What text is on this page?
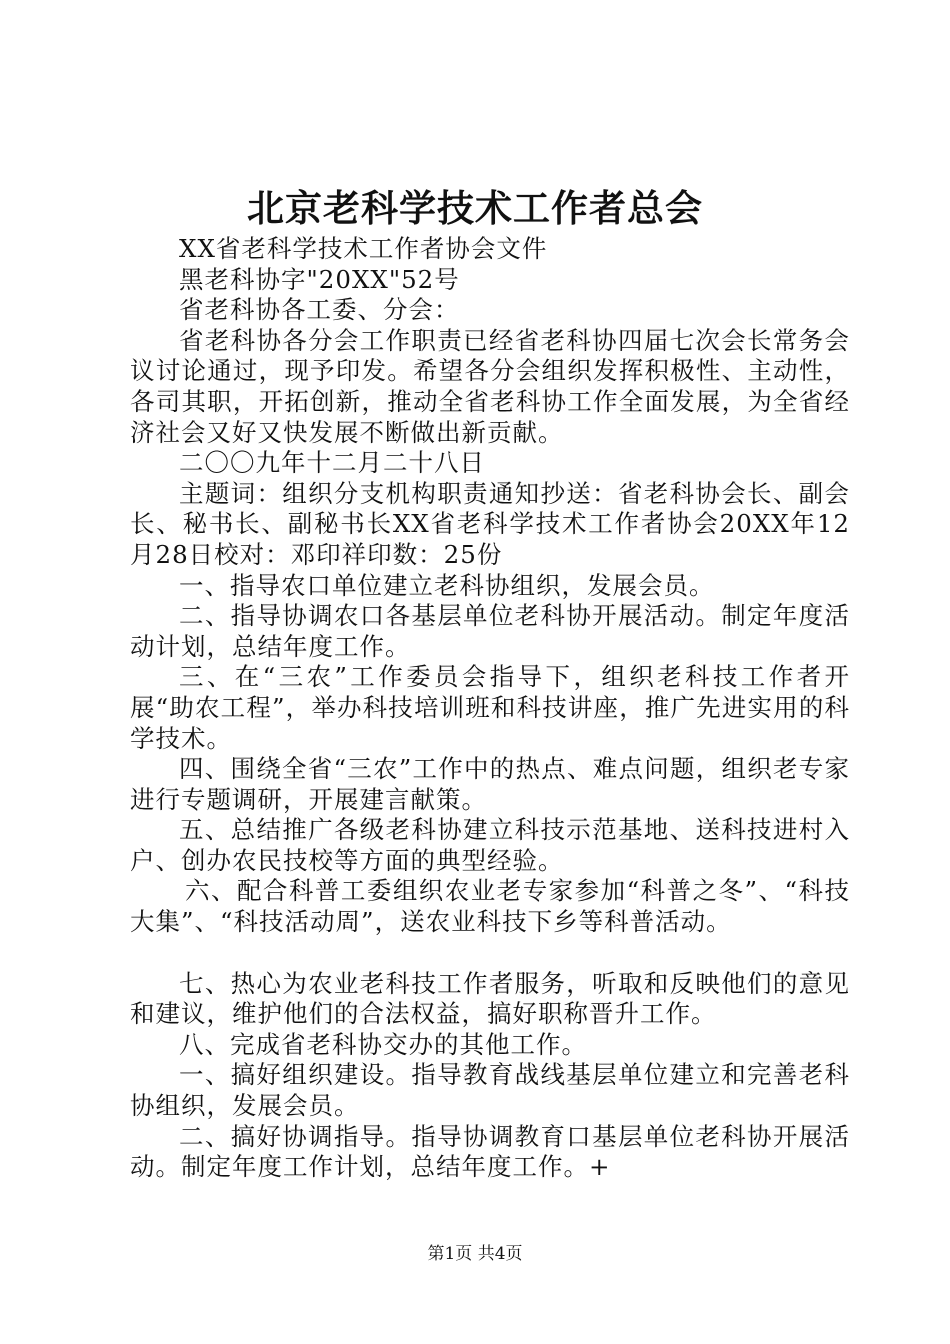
北京老科学技术工作者总会

XX省老科学技术工作者协会文件

黑老科协字"20XX"52号

省老科协各工委、分会：

省老科协各分会工作职责已经省老科协四届七次会长常务会议讨论通过，现予印发。希望各分会组织发挥积极性、主动性，各司其职，开拓创新，推动全省老科协工作全面发展，为全省经济社会又好又快发展不断做出新贡献。

二〇〇九年十二月二十八日

主题词：组织分支机构职责通知抄送：省老科协会长、副会长、秘书长、副秘书长XX省老科学技术工作者协会20XX年12月28日校对：邓印祥印数：25份

一、指导农口单位建立老科协组织，发展会员。

二、指导协调农口各基层单位老科协开展活动。制定年度活动计划，总结年度工作。

三、在“三农”工作委员会指导下，组织老科技工作者开展“助农工程”，举办科技培训班和科技讲座，推广先进实用的科学技术。

四、围绕全省“三农”工作中的热点、难点问题，组织老专家进行专题调研，开展建言献策。

五、总结推广各级老科协建立科技示范基地、送科技进村入户、创办农民技校等方面的典型经验。

六、配合科普工委组织农业老专家参加“科普之冬”、“科技大集”、“科技活动周”，送农业科技下乡等科普活动。

七、热心为农业老科技工作者服务，听取和反映他们的意见和建议，维护他们的合法权益，搞好职称晋升工作。

八、完成省老科协交办的其他工作。

一、搞好组织建设。指导教育战线基层单位建立和完善老科协组织，发展会员。

二、搞好协调指导。指导协调教育口基层单位老科协开展活动。制定年度工作计划，总结年度工作。+

第1页 共4页
